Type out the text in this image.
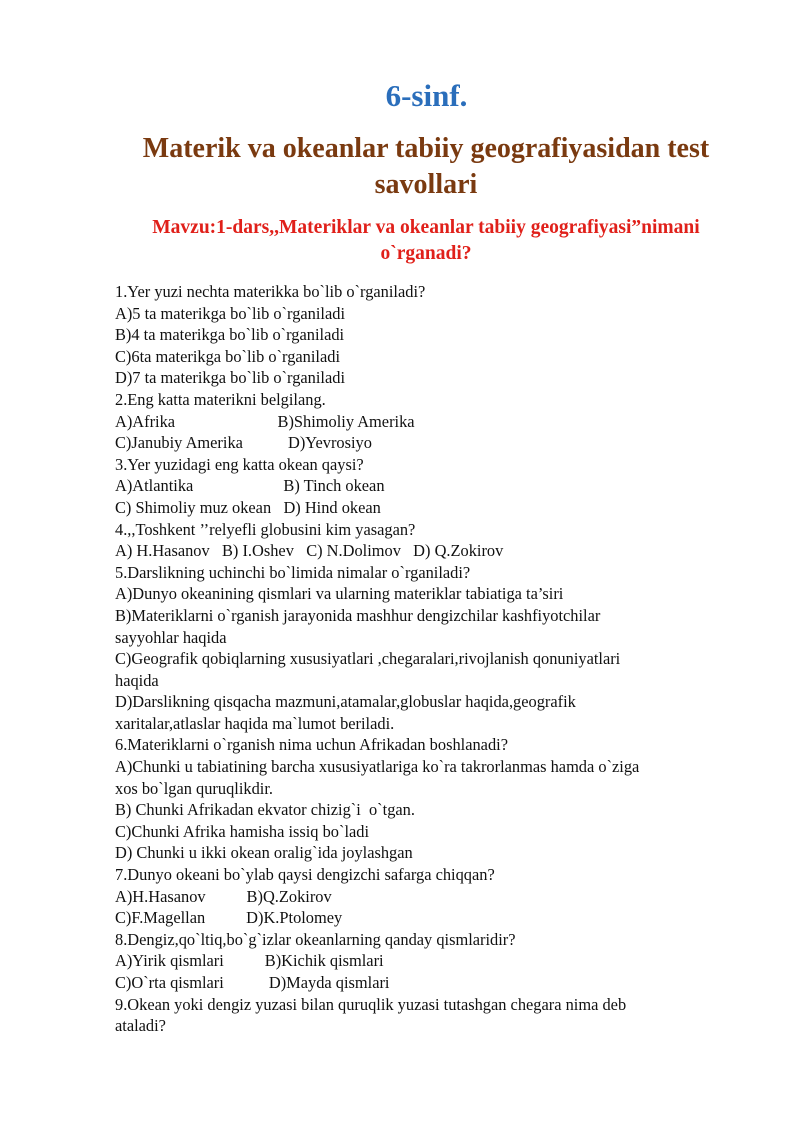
6-sinf.
Materik va okeanlar tabiiy geografiyasidan test savollari
Mavzu:1-dars,,Materiklar va okeanlar tabiiy geografiyasi”nimani o`rganadi?
1.Yer yuzi nechta materikka bo`lib o`rganiladi?
A)5 ta materikga bo`lib o`rganiladi
B)4 ta materikga bo`lib o`rganiladi
C)6ta materikga bo`lib o`rganiladi
D)7 ta materikga bo`lib o`rganiladi
2.Eng katta materikni belgilang.
A)Afrika                         B)Shimoliy Amerika
C)Janubiy Amerika           D)Yevrosiyo
3.Yer yuzidagi eng katta okean qaysi?
A)Atlantika                      B) Tinch okean
C) Shimoliy muz okean   D) Hind okean
4.,,Toshkent ’’relyefli globusini kim yasagan?
A) H.Hasanov   B) I.Oshev   C) N.Dolimov   D) Q.Zokirov
5.Darslikning uchinchi bo`limida nimalar o`rganiladi?
A)Dunyo okeanining qismlari va ularning materiklar tabiatiga ta’siri
B)Materiklarni o`rganish jarayonida mashhur dengizchilar kashfiyotchilar
sayyohlar haqida
C)Geografik qobiqlarning xususiyatlari ,chegaralari,rivojlanish qonuniyatlari
haqida
D)Darslikning qisqacha mazmuni,atamalar,globuslar haqida,geografik
xaritalar,atlaslar haqida ma`lumot beriladi.
6.Materiklarni o`rganish nima uchun Afrikadan boshlanadi?
A)Chunki u tabiatining barcha xususiyatlariga ko`ra takrorlanmas hamda o`ziga
xos bo`lgan quruqlikdir.
B) Chunki Afrikadan ekvator chizig`i  o`tgan.
C)Chunki Afrika hamisha issiq bo`ladi
D) Chunki u ikki okean oralig`ida joylashgan
7.Dunyo okeani bo`ylab qaysi dengizchi safarga chiqqan?
A)H.Hasanov          B)Q.Zokirov
C)F.Magellan          D)K.Ptolomey
8.Dengiz,qo`ltiq,bo`g`izlar okeanlarning qanday qismlaridir?
A)Yirik qismlari          B)Kichik qismlari
C)O`rta qismlari           D)Mayda qismlari
9.Okean yoki dengiz yuzasi bilan quruqlik yuzasi tutashgan chegara nima deb
ataladi?
